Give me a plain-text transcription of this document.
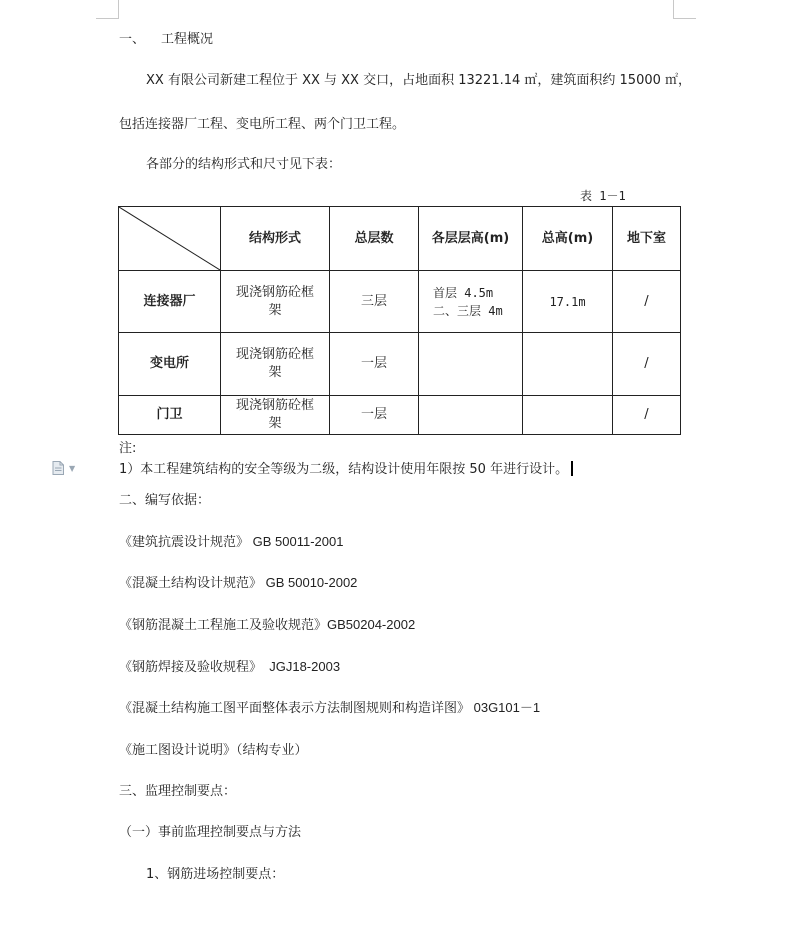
一、 工程概况
XX 有限公司新建工程位于 XX 与 XX 交口，占地面积 13221.14 ㎡，建筑面积约 15000 ㎡，
包括连接器厂工程、变电所工程、两个门卫工程。
各部分的结构形式和尺寸见下表：
表 1－1
	结构形式	总层数	各层层高(m)	总高(m)	地下室
连接器厂	现浇钢筋砼框架	三层	首层 4.5m
二、三层 4m	17.1m	/
变电所	现浇钢筋砼框架	一层			/
门卫	现浇钢筋砼框架	一层			/
注:
▼	1）本工程建筑结构的安全等级为二级，结构设计使用年限按 50 年进行设计。
二、编写依据：
《建筑抗震设计规范》 GB 50011-2001
《混凝土结构设计规范》 GB 50010-2002
《钢筋混凝土工程施工及验收规范》GB50204-2002
《钢筋焊接及验收规程》  JGJ18-2003
《混凝土结构施工图平面整体表示方法制图规则和构造详图》 03G101－1
《施工图设计说明》（结构专业）
三、监理控制要点：
（一）事前监理控制要点与方法
1、钢筋进场控制要点：
